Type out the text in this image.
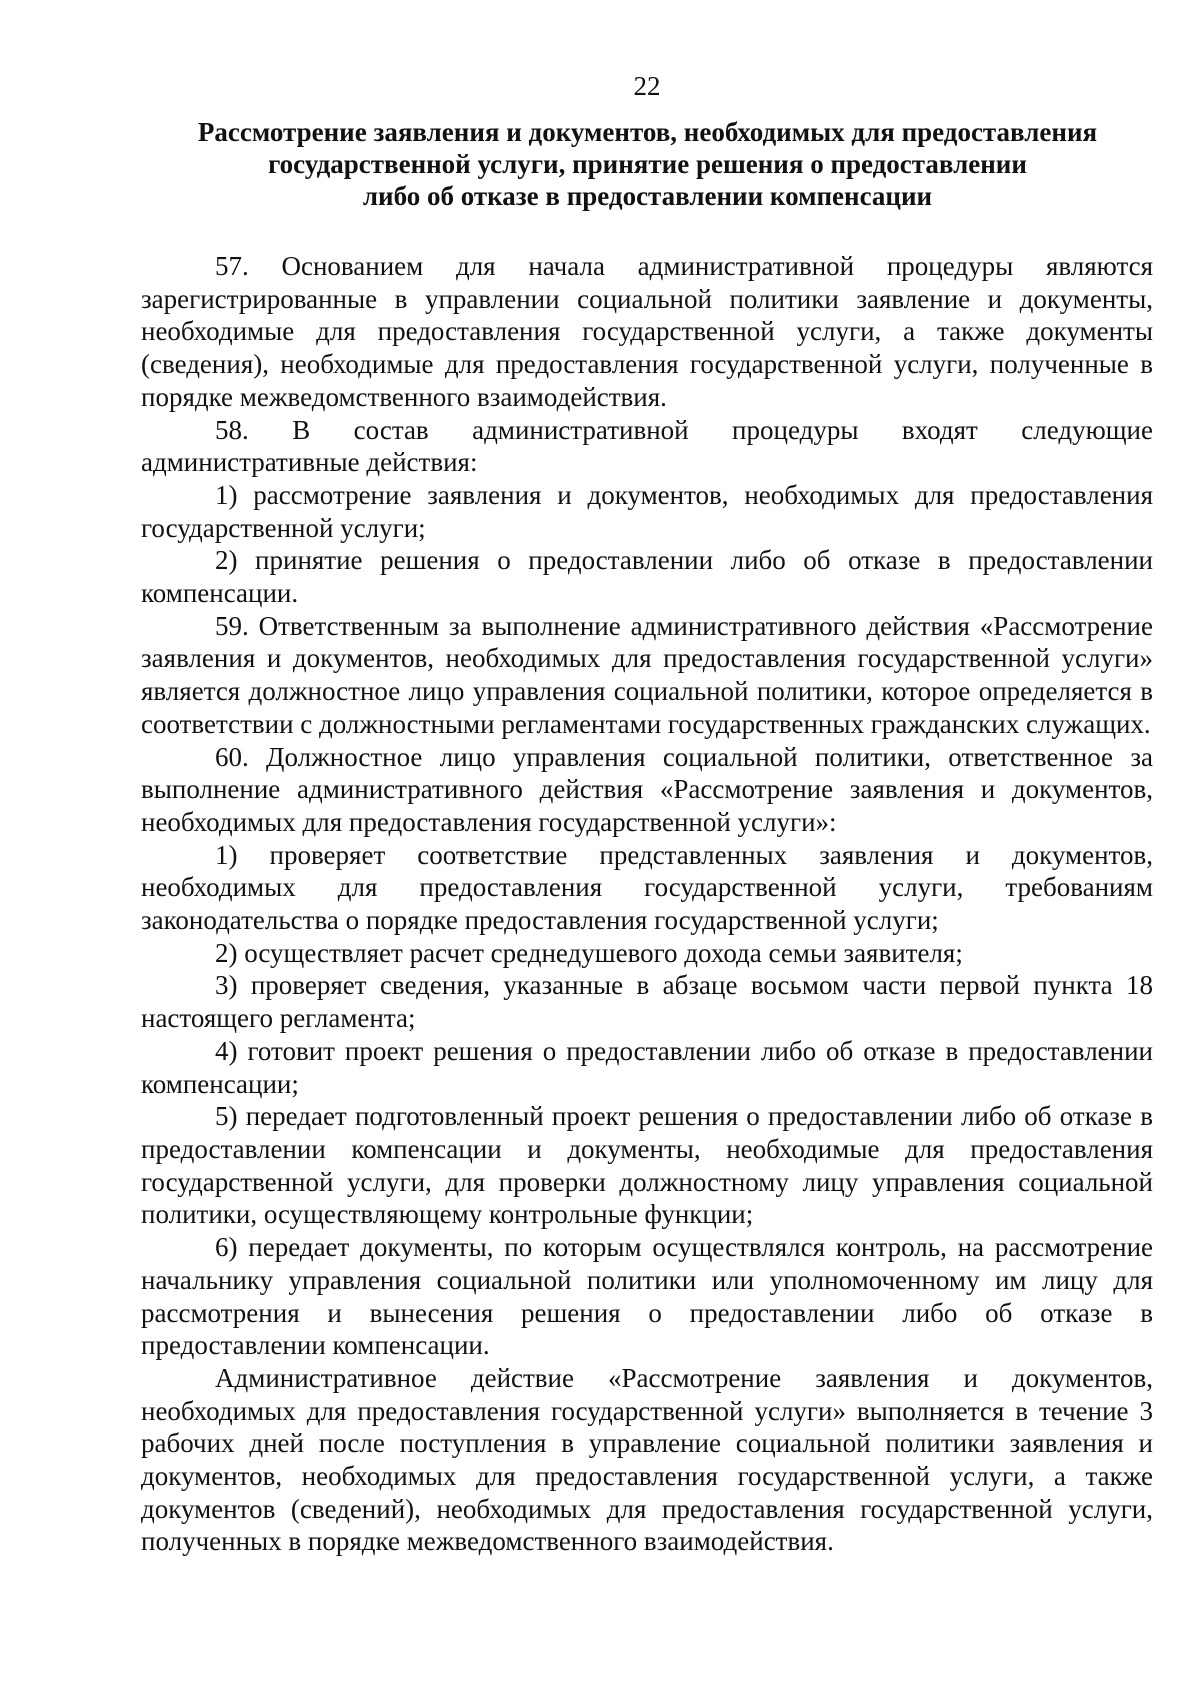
22
Рассмотрение заявления и документов, необходимых для предоставления
государственной услуги, принятие решения о предоставлении
либо об отказе в предоставлении компенсации

57. Основанием для начала административной процедуры являются зарегистрированные в управлении социальной политики заявление и документы, необходимые для предоставления государственной услуги, а также документы (сведения), необходимые для предоставления государственной услуги, полученные в порядке межведомственного взаимодействия.

58. В состав административной процедуры входят следующие административные действия:

1) рассмотрение заявления и документов, необходимых для предоставления государственной услуги;

2) принятие решения о предоставлении либо об отказе в предоставлении компенсации.

59. Ответственным за выполнение административного действия «Рассмотрение заявления и документов, необходимых для предоставления государственной услуги» является должностное лицо управления социальной политики, которое определяется в соответствии с должностными регламентами государственных гражданских служащих.

60. Должностное лицо управления социальной политики, ответственное за выполнение административного действия «Рассмотрение заявления и документов, необходимых для предоставления государственной услуги»:

1) проверяет соответствие представленных заявления и документов, необходимых для предоставления государственной услуги, требованиям законодательства о порядке предоставления государственной услуги;

2) осуществляет расчет среднедушевого дохода семьи заявителя;

3) проверяет сведения, указанные в абзаце восьмом части первой пункта 18 настоящего регламента;

4) готовит проект решения о предоставлении либо об отказе в предоставлении компенсации;

5) передает подготовленный проект решения о предоставлении либо об отказе в предоставлении компенсации и документы, необходимые для предоставления государственной услуги, для проверки должностному лицу управления социальной политики, осуществляющему контрольные функции;

6) передает документы, по которым осуществлялся контроль, на рассмотрение начальнику управления социальной политики или уполномоченному им лицу для рассмотрения и вынесения решения о предоставлении либо об отказе в предоставлении компенсации.

Административное действие «Рассмотрение заявления и документов, необходимых для предоставления государственной услуги» выполняется в течение 3 рабочих дней после поступления в управление социальной политики заявления и документов, необходимых для предоставления государственной услуги, а также документов (сведений), необходимых для предоставления государственной услуги, полученных в порядке межведомственного взаимодействия.
